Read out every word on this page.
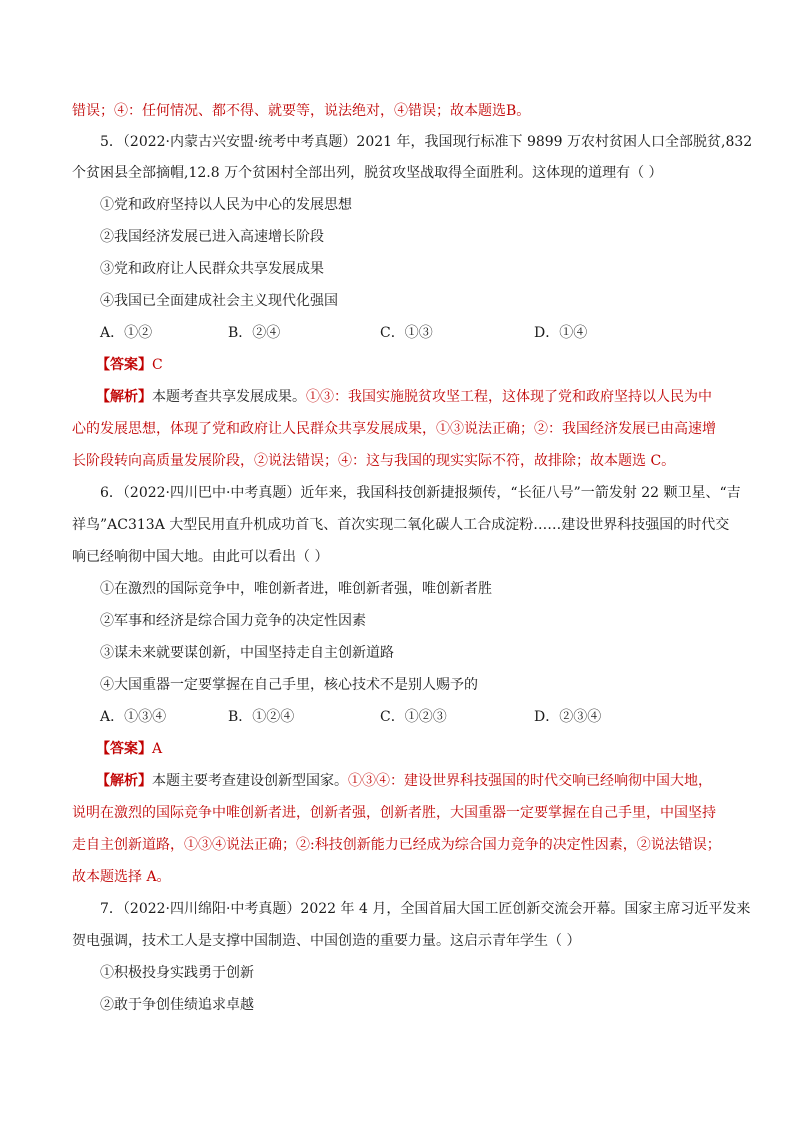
错误；④：任何情况、都不得、就要等，说法绝对，④错误；故本题选B。
5．（2022·内蒙古兴安盟·统考中考真题）2021 年，我国现行标准下 9899 万农村贫困人口全部脱贫,832
个贫困县全部摘帽,12.8 万个贫困村全部出列，脱贫攻坚战取得全面胜利。这体现的道理有（ ）
①党和政府坚持以人民为中心的发展思想
②我国经济发展已进入高速增长阶段
③党和政府让人民群众共享发展成果
④我国已全面建成社会主义现代化强国
A．①②	B．②④	C．①③	D．①④
【答案】C
【解析】本题考查共享发展成果。①③：我国实施脱贫攻坚工程，这体现了党和政府坚持以人民为中
心的发展思想，体现了党和政府让人民群众共享发展成果，①③说法正确；②：我国经济发展已由高速增
长阶段转向高质量发展阶段，②说法错误；④：这与我国的现实实际不符，故排除；故本题选 C。
6．（2022·四川巴中·中考真题）近年来，我国科技创新捷报频传，“长征八号”一箭发射 22 颗卫星、“吉
祥鸟”AC313A 大型民用直升机成功首飞、首次实现二氧化碳人工合成淀粉……建设世界科技强国的时代交
响已经响彻中国大地。由此可以看出（ ）
①在激烈的国际竞争中，唯创新者进，唯创新者强，唯创新者胜
②军事和经济是综合国力竞争的决定性因素
③谋未来就要谋创新，中国坚持走自主创新道路
④大国重器一定要掌握在自己手里，核心技术不是别人赐予的
A．①③④	B．①②④	C．①②③	D．②③④
【答案】A
【解析】本题主要考查建设创新型国家。①③④：建设世界科技强国的时代交响已经响彻中国大地，
说明在激烈的国际竞争中唯创新者进，创新者强，创新者胜，大国重器一定要掌握在自己手里，中国坚持
走自主创新道路，①③④说法正确；②:科技创新能力已经成为综合国力竞争的决定性因素，②说法错误；
故本题选择 A。
7．（2022·四川绵阳·中考真题）2022 年 4 月，全国首届大国工匠创新交流会开幕。国家主席习近平发来
贺电强调，技术工人是支撑中国制造、中国创造的重要力量。这启示青年学生（ ）
①积极投身实践勇于创新
②敢于争创佳绩追求卓越
